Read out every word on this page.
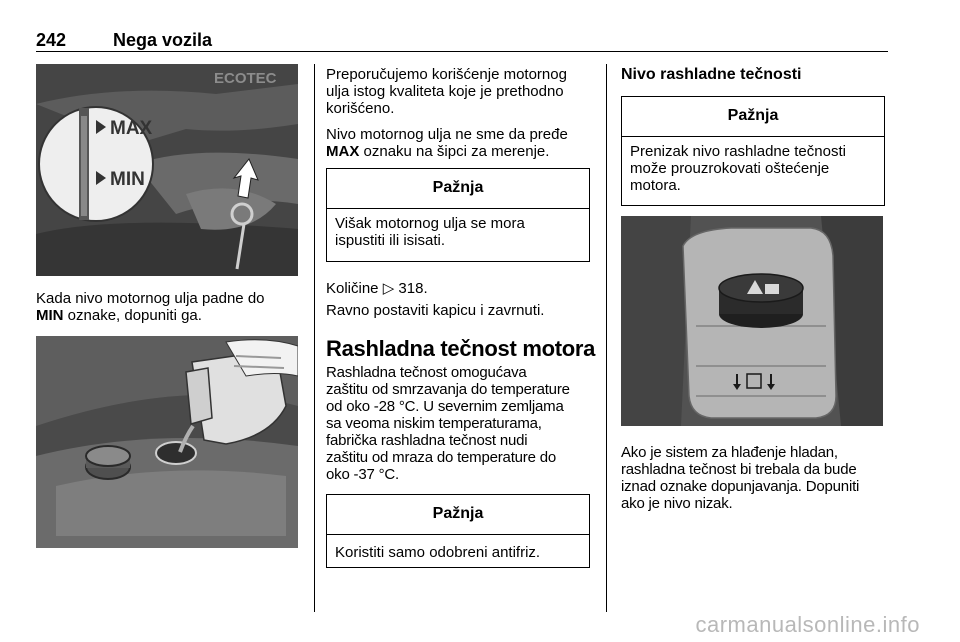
242	Nega vozila
ECOTEC
MAX
MIN
Kada nivo motornog ulja padne do
MIN oznake, dopuniti ga.
Preporučujemo korišćenje motornog
ulja istog kvaliteta koje je prethodno
korišćeno.
Nivo motornog ulja ne sme da pređe
MAX oznaku na šipci za merenje.
Pažnja
Višak motornog ulja se mora
ispustiti ili isisati.
Količine ▷ 318.
Ravno postaviti kapicu i zavrnuti.
Rashladna tečnost motora
Rashladna tečnost omogućava
zaštitu od smrzavanja do temperature
od oko -28 °C. U severnim zemljama
sa veoma niskim temperaturama,
fabrička rashladna tečnost nudi
zaštitu od mraza do temperature do
oko -37 °C.
Pažnja
Koristiti samo odobreni antifriz.
Nivo rashladne tečnosti
Pažnja
Prenizak nivo rashladne tečnosti
može prouzrokovati oštećenje
motora.
Ako je sistem za hlađenje hladan,
rashladna tečnost bi trebala da bude
iznad oznake dopunjavanja. Dopuniti
ako je nivo nizak.
carmanualsonline.info
